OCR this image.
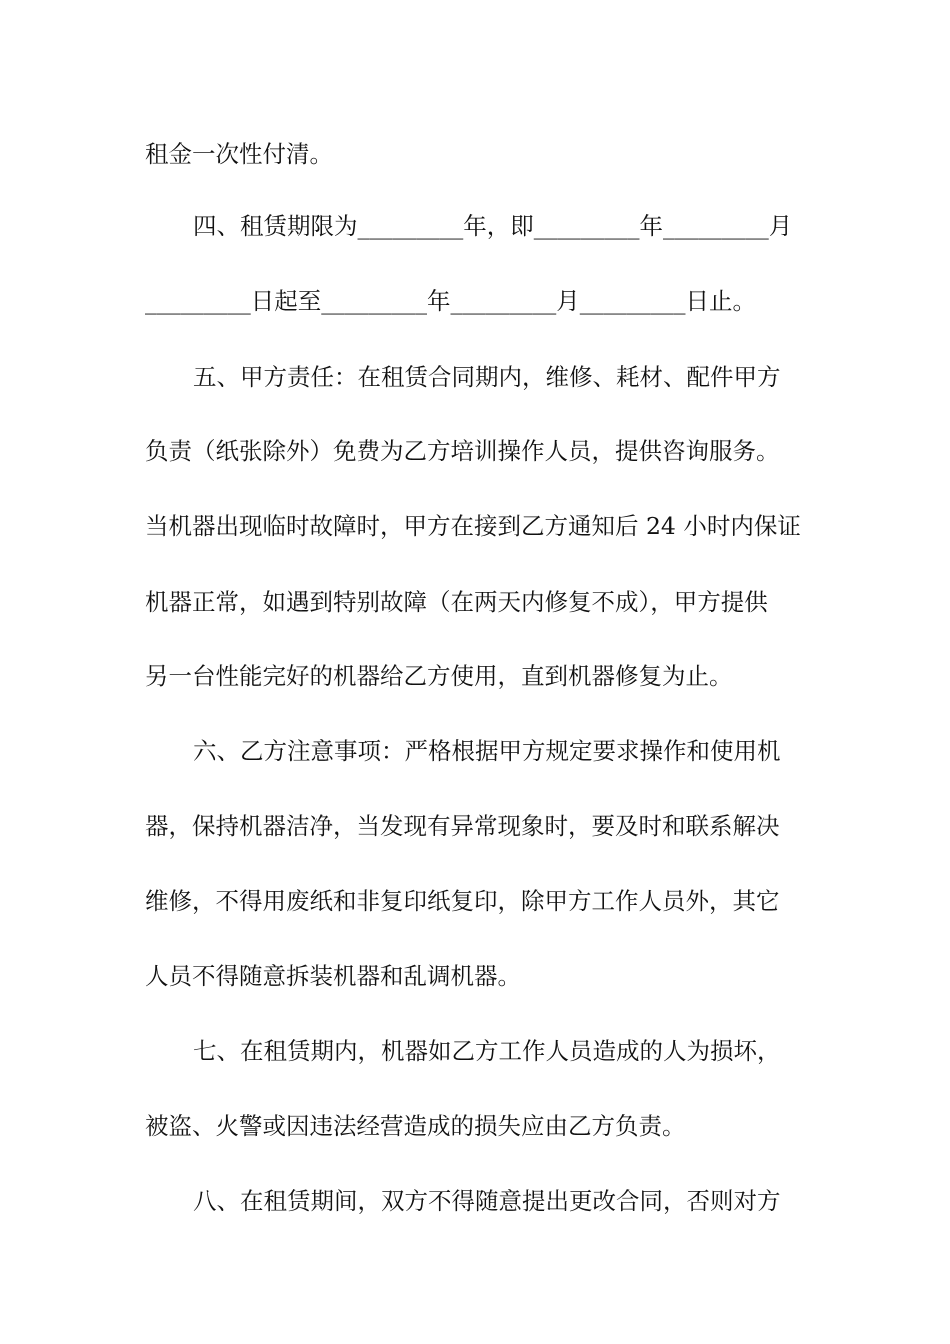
租金一次性付清。
四、租赁期限为_________年，即_________年_________月
_________日起至_________年_________月_________日止。
五、甲方责任：在租赁合同期内，维修、耗材、配件甲方
负责（纸张除外）免费为乙方培训操作人员，提供咨询服务。
当机器出现临时故障时，甲方在接到乙方通知后 24 小时内保证
机器正常，如遇到特别故障（在两天内修复不成），甲方提供
另一台性能完好的机器给乙方使用，直到机器修复为止。
六、乙方注意事项：严格根据甲方规定要求操作和使用机
器，保持机器洁净，当发现有异常现象时，要及时和联系解决
维修，不得用废纸和非复印纸复印，除甲方工作人员外，其它
人员不得随意拆装机器和乱调机器。
七、在租赁期内，机器如乙方工作人员造成的人为损坏，
被盗、火警或因违法经营造成的损失应由乙方负责。
八、在租赁期间，双方不得随意提出更改合同，否则对方
